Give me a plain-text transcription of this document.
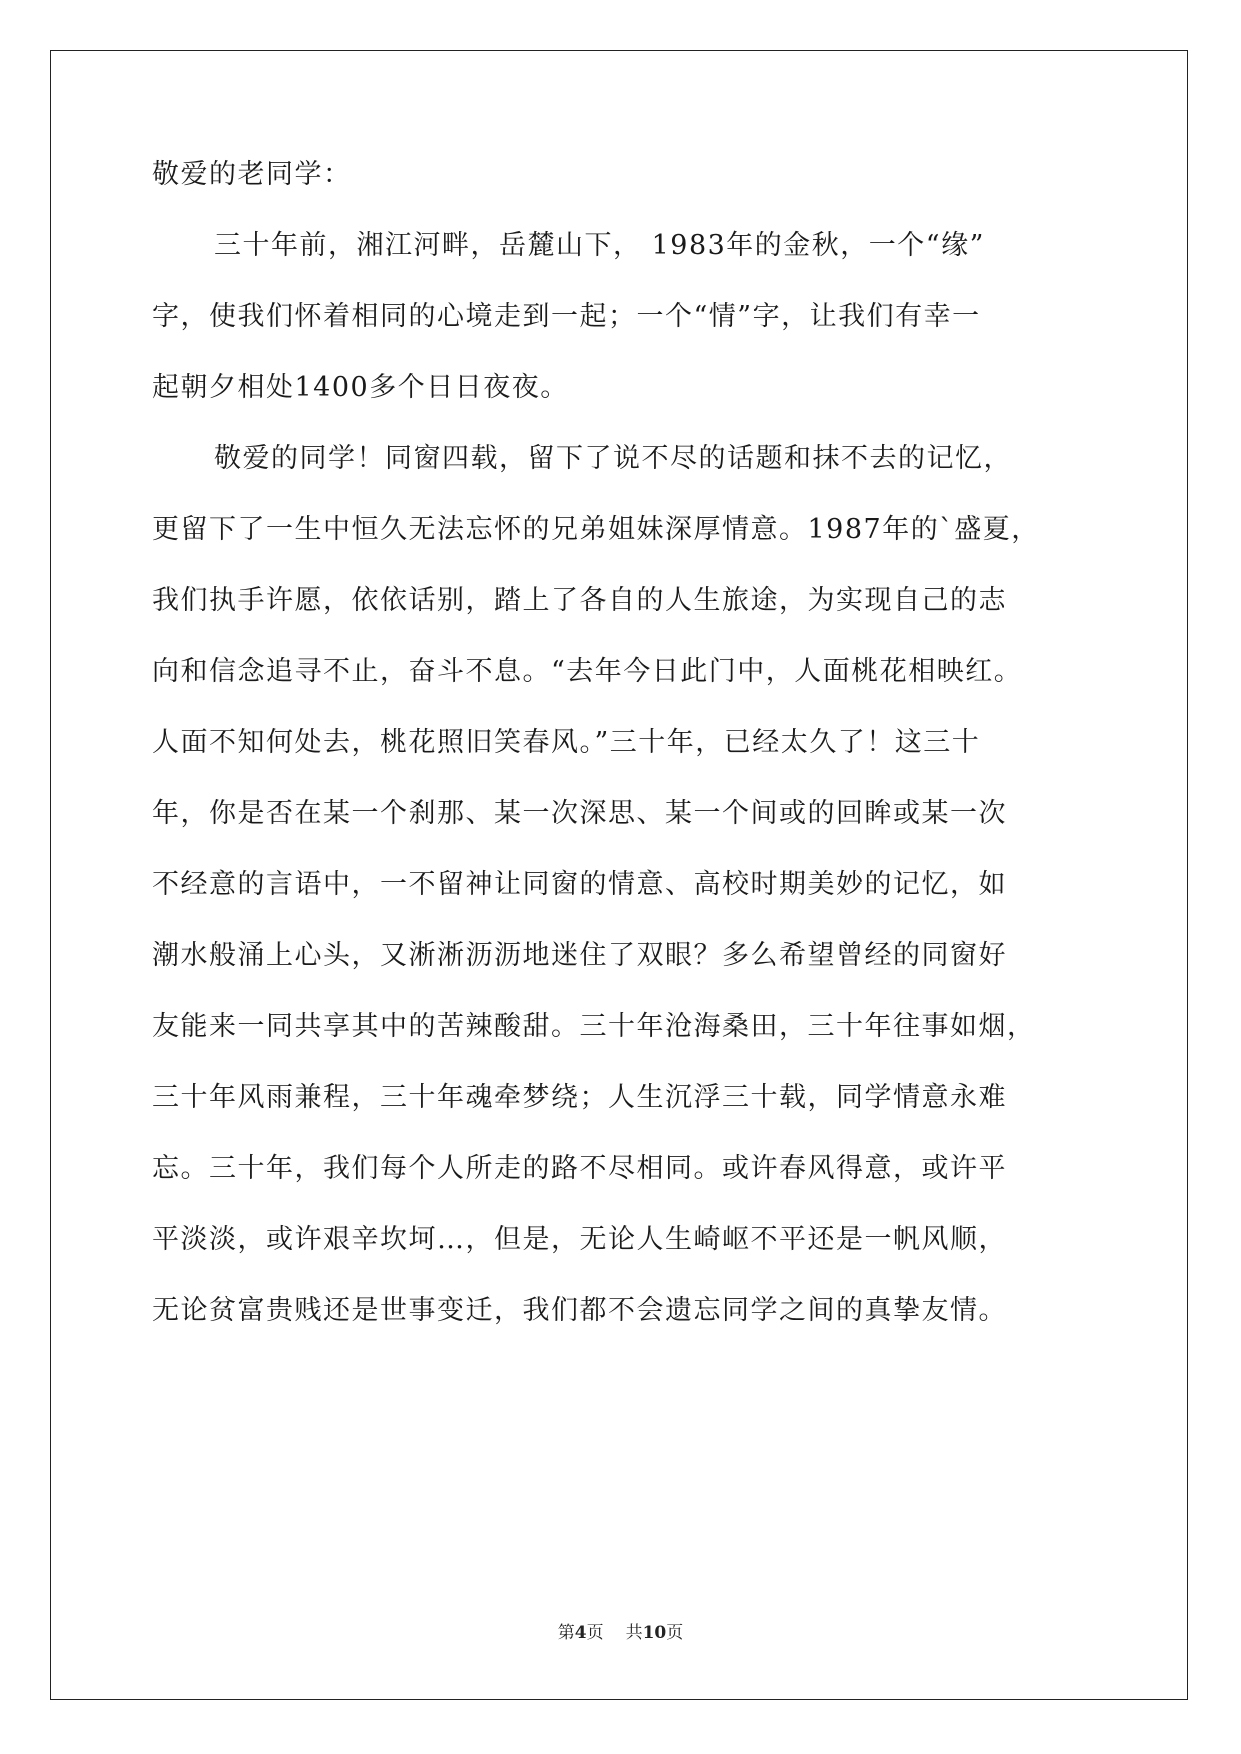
敬爱的老同学：
三十年前，湘江河畔，岳麓山下， 1983年的金秋，一个“缘”
字，使我们怀着相同的心境走到一起；一个“情”字，让我们有幸一
起朝夕相处1400多个日日夜夜。
敬爱的同学！同窗四载，留下了说不尽的话题和抹不去的记忆，
更留下了一生中恒久无法忘怀的兄弟姐妹深厚情意。1987年的`盛夏，
我们执手许愿，依依话别，踏上了各自的人生旅途，为实现自己的志
向和信念追寻不止，奋斗不息。“去年今日此门中，人面桃花相映红。
人面不知何处去，桃花照旧笑春风。”三十年，已经太久了！这三十
年，你是否在某一个刹那、某一次深思、某一个间或的回眸或某一次
不经意的言语中，一不留神让同窗的情意、高校时期美妙的记忆，如
潮水般涌上心头，又淅淅沥沥地迷住了双眼？多么希望曾经的同窗好
友能来一同共享其中的苦辣酸甜。三十年沧海桑田，三十年往事如烟，
三十年风雨兼程，三十年魂牵梦绕；人生沉浮三十载，同学情意永难
忘。三十年，我们每个人所走的路不尽相同。或许春风得意，或许平
平淡淡，或许艰辛坎坷…，但是，无论人生崎岖不平还是一帆风顺，
无论贫富贵贱还是世事变迁，我们都不会遗忘同学之间的真挚友情。
第4页 共10页
